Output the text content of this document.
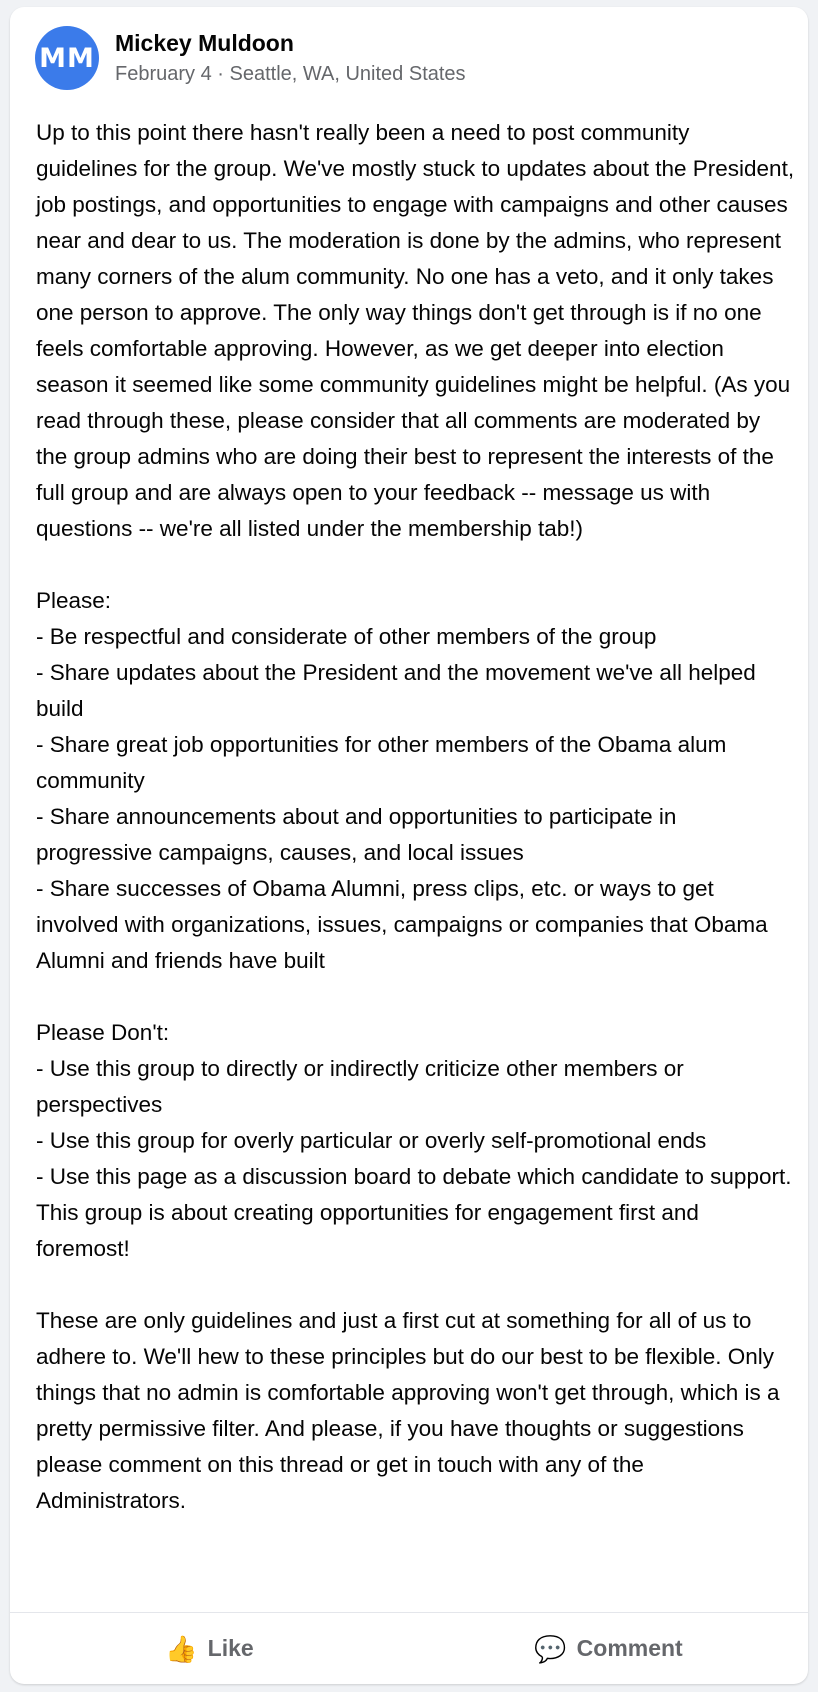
MM Mickey Muldoon
February 4 · Seattle, WA, United States
Up to this point there hasn't really been a need to post community guidelines for the group. We've mostly stuck to updates about the President, job postings, and opportunities to engage with campaigns and other causes near and dear to us. The moderation is done by the admins, who represent many corners of the alum community. No one has a veto, and it only takes one person to approve. The only way things don't get through is if no one feels comfortable approving. However, as we get deeper into election season it seemed like some community guidelines might be helpful. (As you read through these, please consider that all comments are moderated by the group admins who are doing their best to represent the interests of the full group and are always open to your feedback -- message us with questions -- we're all listed under the membership tab!)

Please:
- Be respectful and considerate of other members of the group
- Share updates about the President and the movement we've all helped build
- Share great job opportunities for other members of the Obama alum community
- Share announcements about and opportunities to participate in progressive campaigns, causes, and local issues
- Share successes of Obama Alumni, press clips, etc. or ways to get involved with organizations, issues, campaigns or companies that Obama Alumni and friends have built

Please Don't:
- Use this group to directly or indirectly criticize other members or perspectives
- Use this group for overly particular or overly self-promotional ends
- Use this page as a discussion board to debate which candidate to support. This group is about creating opportunities for engagement first and foremost!

These are only guidelines and just a first cut at something for all of us to adhere to. We'll hew to these principles but do our best to be flexible. Only things that no admin is comfortable approving won't get through, which is a pretty permissive filter. And please, if you have thoughts or suggestions please comment on this thread or get in touch with any of the Administrators.
👍 Like	💬 Comment
